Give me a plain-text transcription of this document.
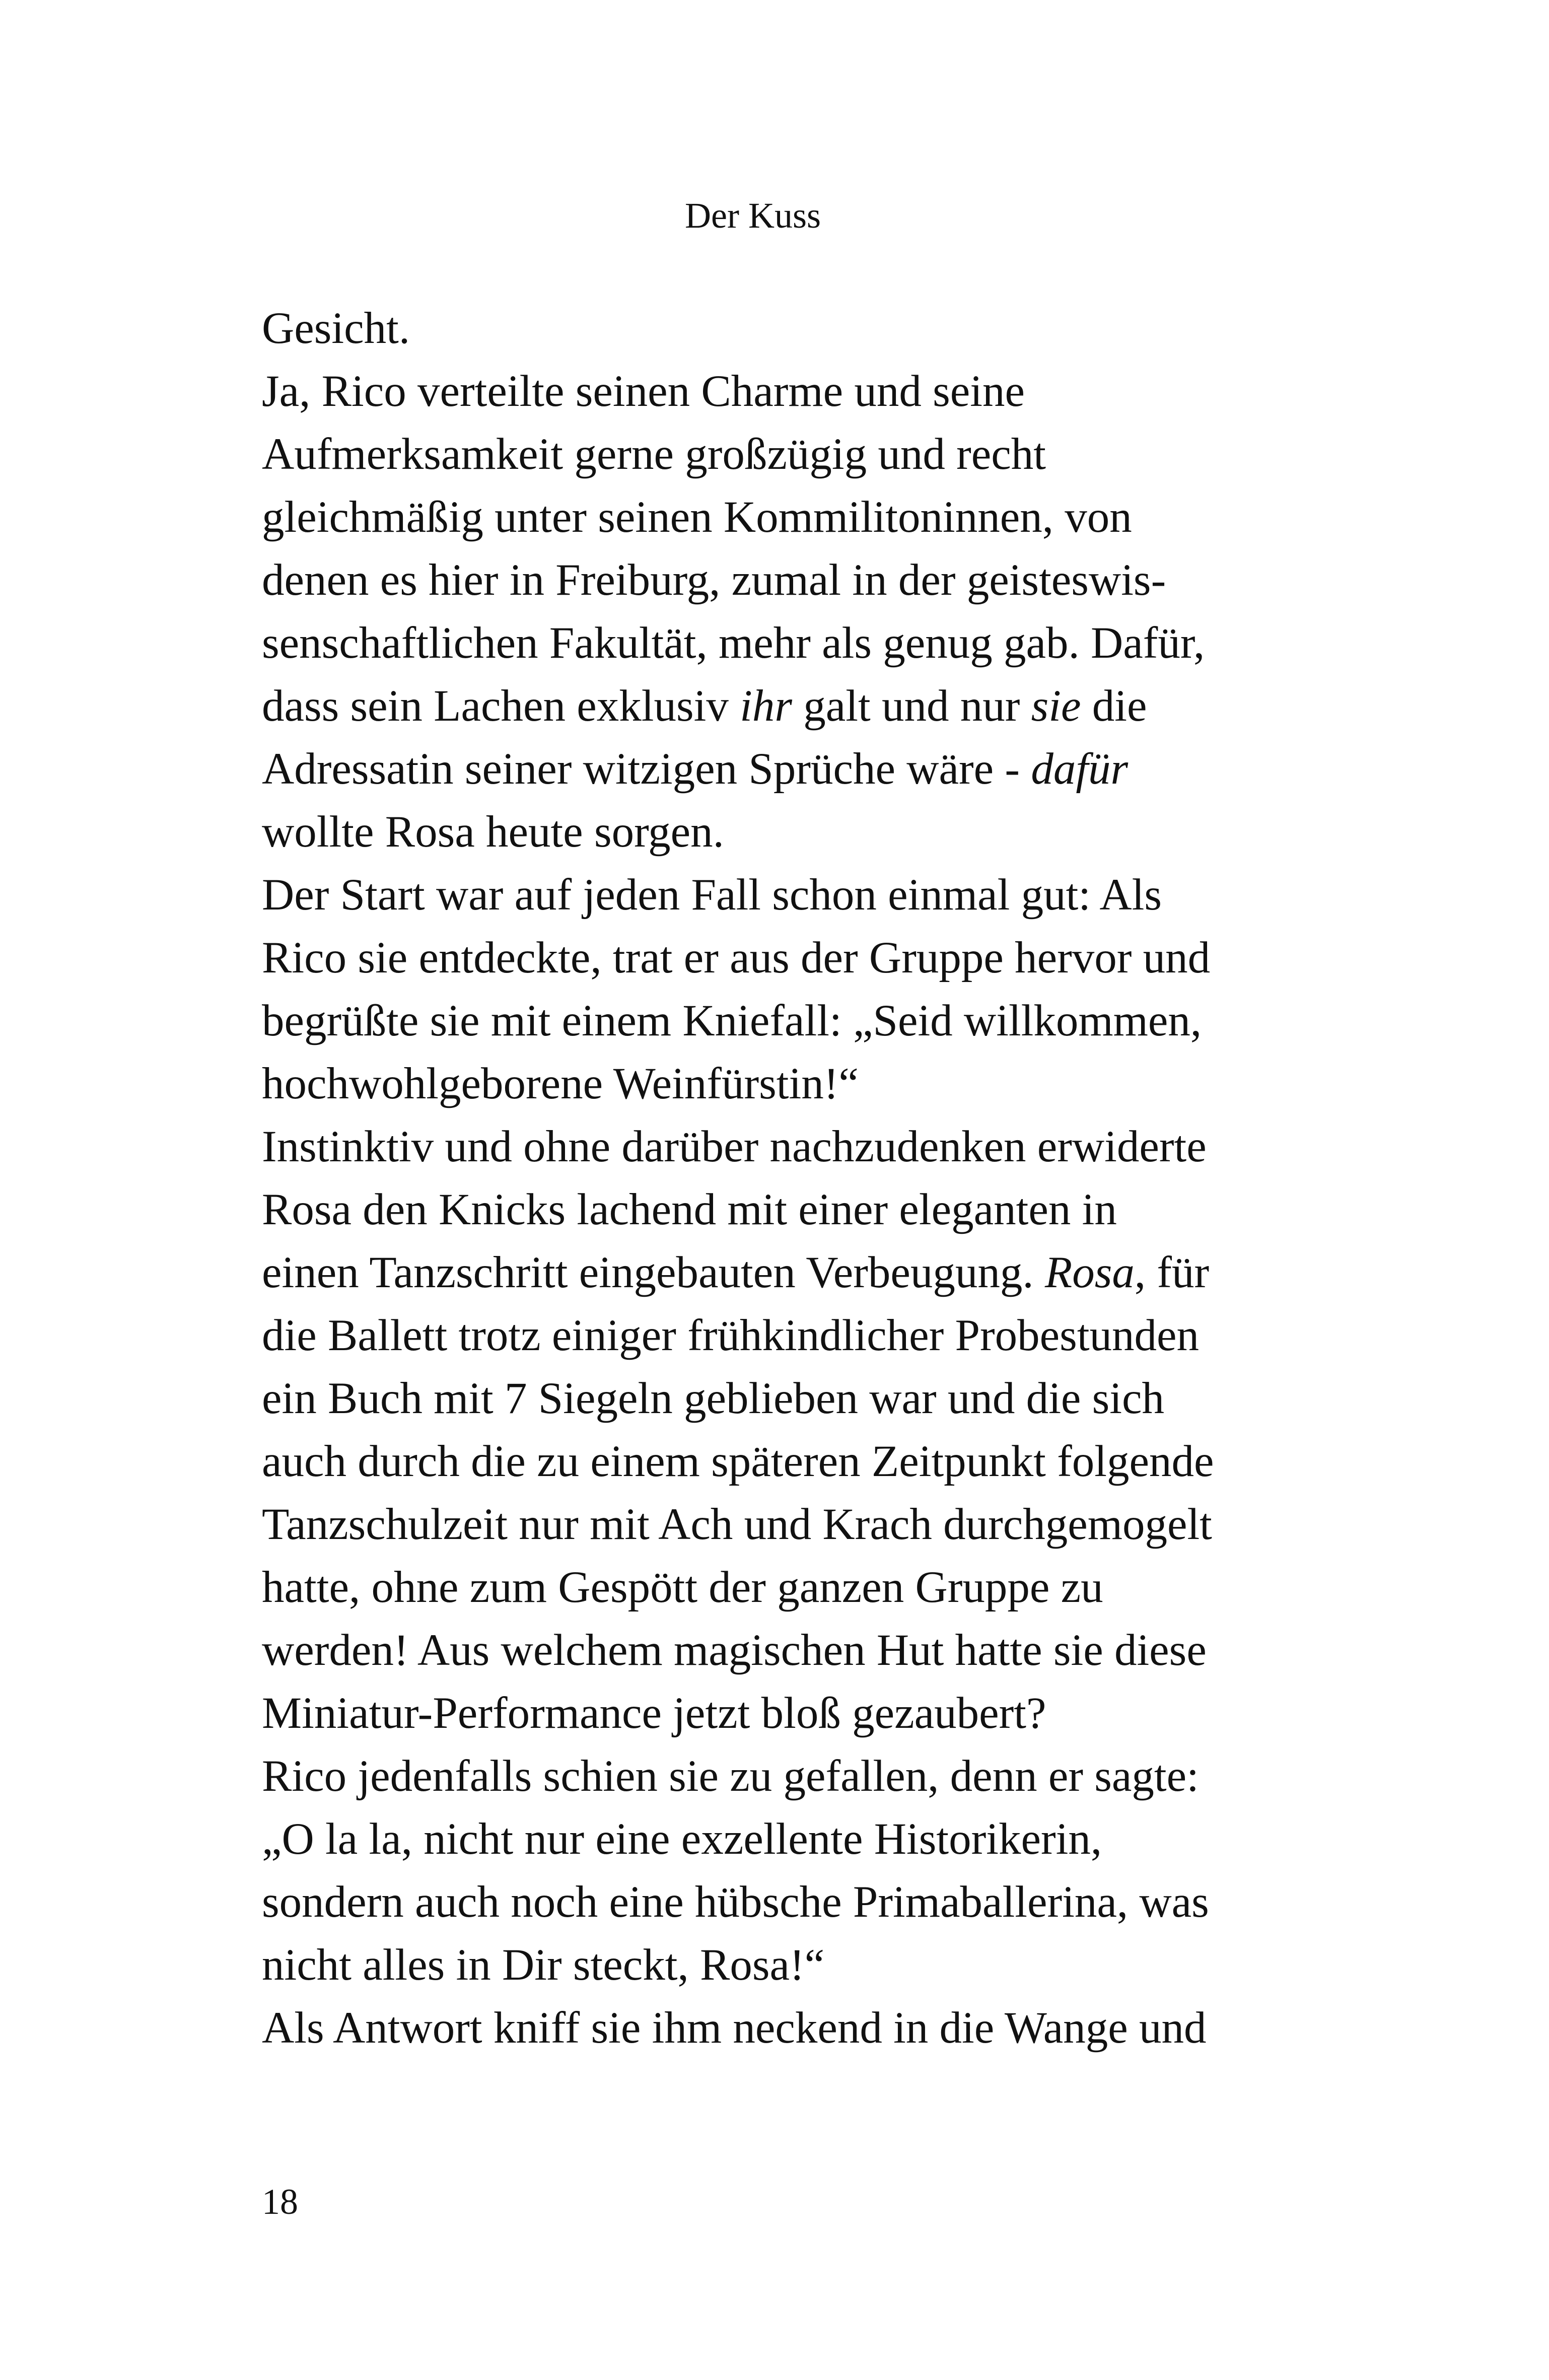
Der Kuss
Gesicht.
Ja, Rico verteilte seinen Charme und seine
Aufmerksamkeit gerne großzügig und recht
gleichmäßig unter seinen Kommilitoninnen, von
denen es hier in Freiburg, zumal in der geisteswis-
senschaftlichen Fakultät, mehr als genug gab. Dafür,
dass sein Lachen exklusiv ihr galt und nur sie die
Adressatin seiner witzigen Sprüche wäre - dafür
wollte Rosa heute sorgen.
Der Start war auf jeden Fall schon einmal gut: Als
Rico sie entdeckte, trat er aus der Gruppe hervor und
begrüßte sie mit einem Kniefall: „Seid willkommen,
hochwohlgeborene Weinfürstin!“
Instinktiv und ohne darüber nachzudenken erwiderte
Rosa den Knicks lachend mit einer eleganten in
einen Tanzschritt eingebauten Verbeugung. Rosa, für
die Ballett trotz einiger frühkindlicher Probestunden
ein Buch mit 7 Siegeln geblieben war und die sich
auch durch die zu einem späteren Zeitpunkt folgende
Tanzschulzeit nur mit Ach und Krach durchgemogelt
hatte, ohne zum Gespött der ganzen Gruppe zu
werden! Aus welchem magischen Hut hatte sie diese
Miniatur-Performance jetzt bloß gezaubert?
Rico jedenfalls schien sie zu gefallen, denn er sagte:
„O la la, nicht nur eine exzellente Historikerin,
sondern auch noch eine hübsche Primaballerina, was
nicht alles in Dir steckt, Rosa!“
Als Antwort kniff sie ihm neckend in die Wange und
18
